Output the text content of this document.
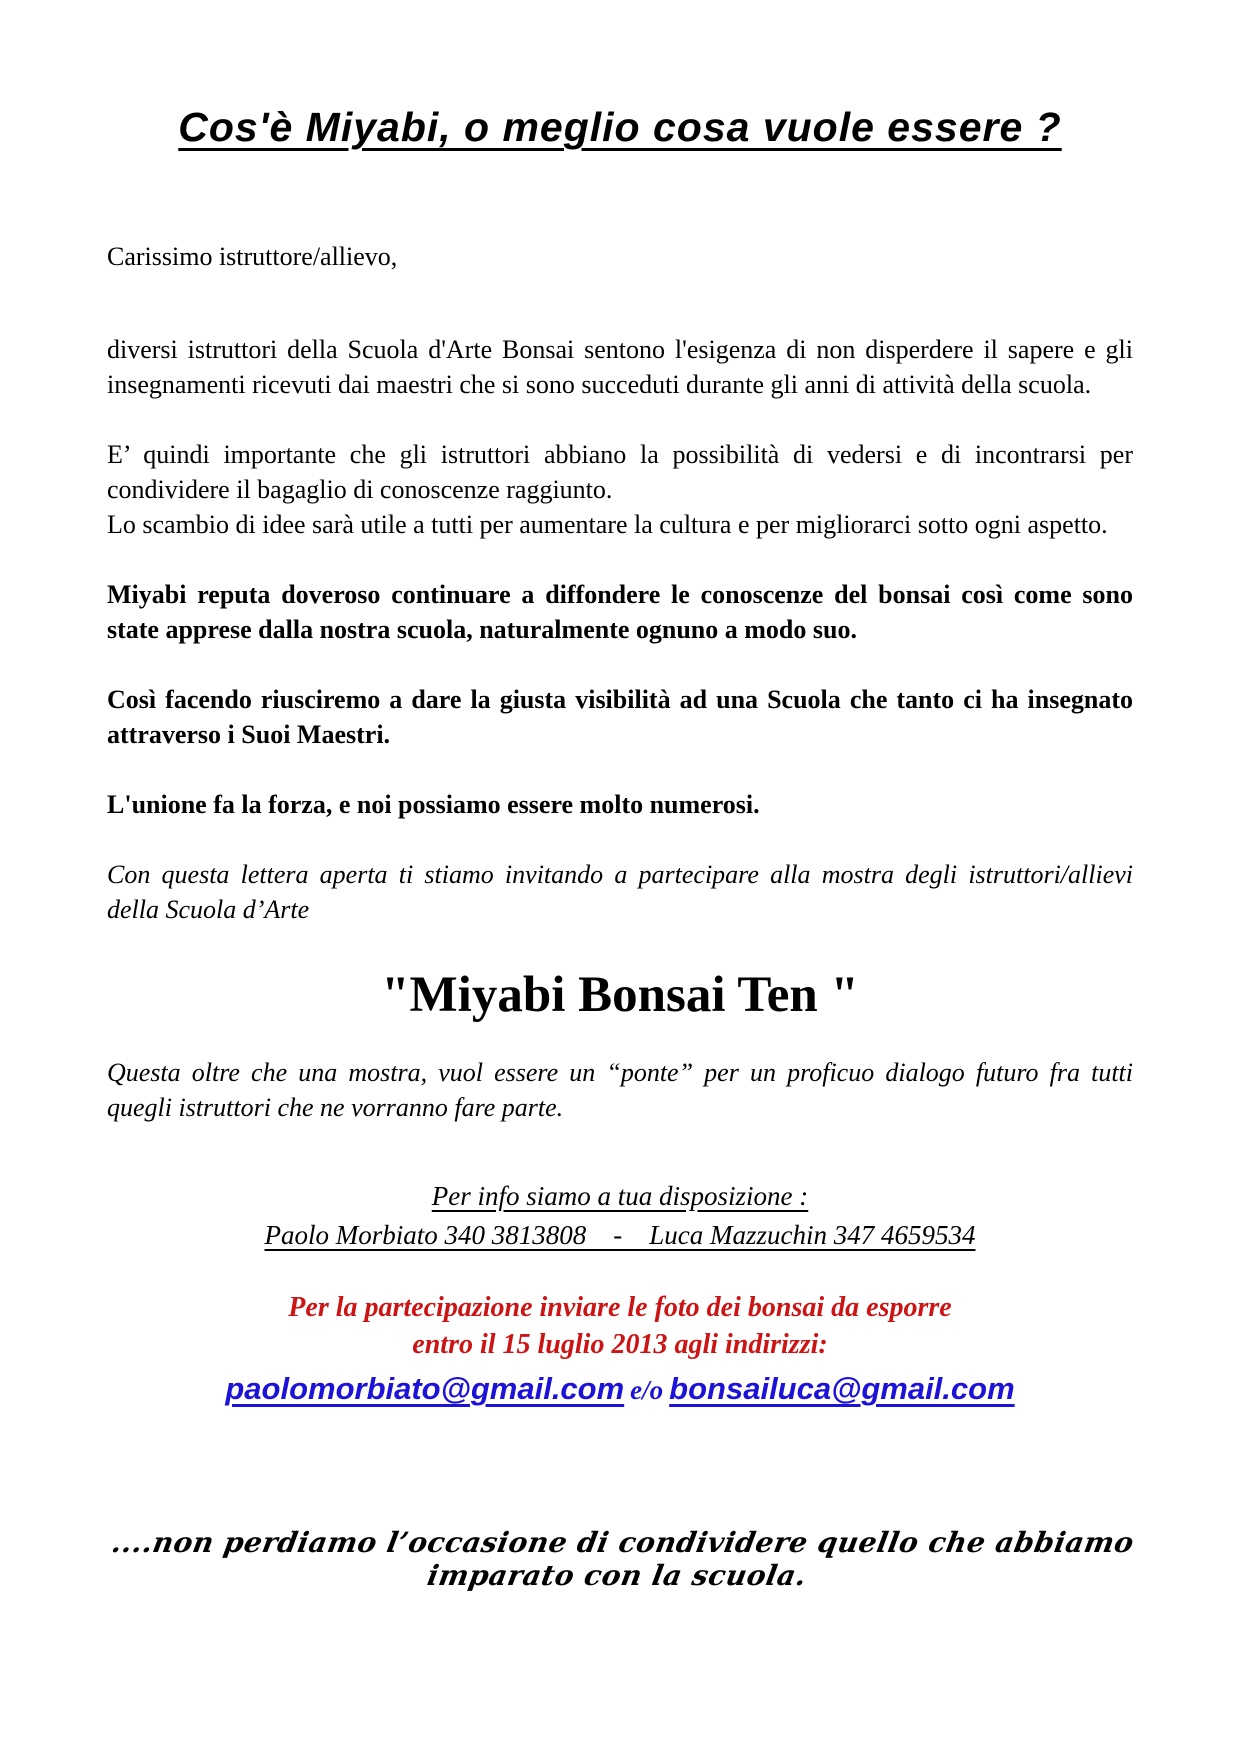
Cos'è Miyabi, o meglio cosa vuole essere ?

Carissimo istruttore/allievo,

diversi istruttori della Scuola d'Arte Bonsai sentono l'esigenza di non disperdere il sapere e gli insegnamenti ricevuti dai maestri che si sono succeduti durante gli anni di attività della scuola.

E’ quindi importante che gli istruttori abbiano la possibilità di vedersi e di incontrarsi per condividere il bagaglio di conoscenze raggiunto.

Lo scambio di idee sarà utile a tutti per aumentare la cultura e per migliorarci sotto ogni aspetto.

Miyabi reputa doveroso continuare a diffondere le conoscenze del bonsai così come sono state apprese dalla nostra scuola, naturalmente ognuno a modo suo.

Così facendo riusciremo a dare la giusta visibilità ad una Scuola che tanto ci ha insegnato attraverso i Suoi Maestri.

L'unione fa la forza, e noi possiamo essere molto numerosi.

Con questa lettera aperta ti stiamo invitando a partecipare alla mostra degli istruttori/allievi della Scuola d’Arte

"Miyabi Bonsai Ten "

Questa oltre che una mostra, vuol essere un “ponte” per un proficuo dialogo futuro fra tutti quegli istruttori che ne vorranno fare parte.

Per info siamo a tua disposizione :
Paolo Morbiato 340 3813808    -    Luca Mazzuchin 347 4659534
Per la partecipazione inviare le foto dei bonsai da esporre
entro il 15 luglio 2013 agli indirizzi:
paolomorbiato@gmail.com e/o bonsailuca@gmail.com
....non perdiamo l’occasione di condividere quello che abbiamo imparato con la scuola.
